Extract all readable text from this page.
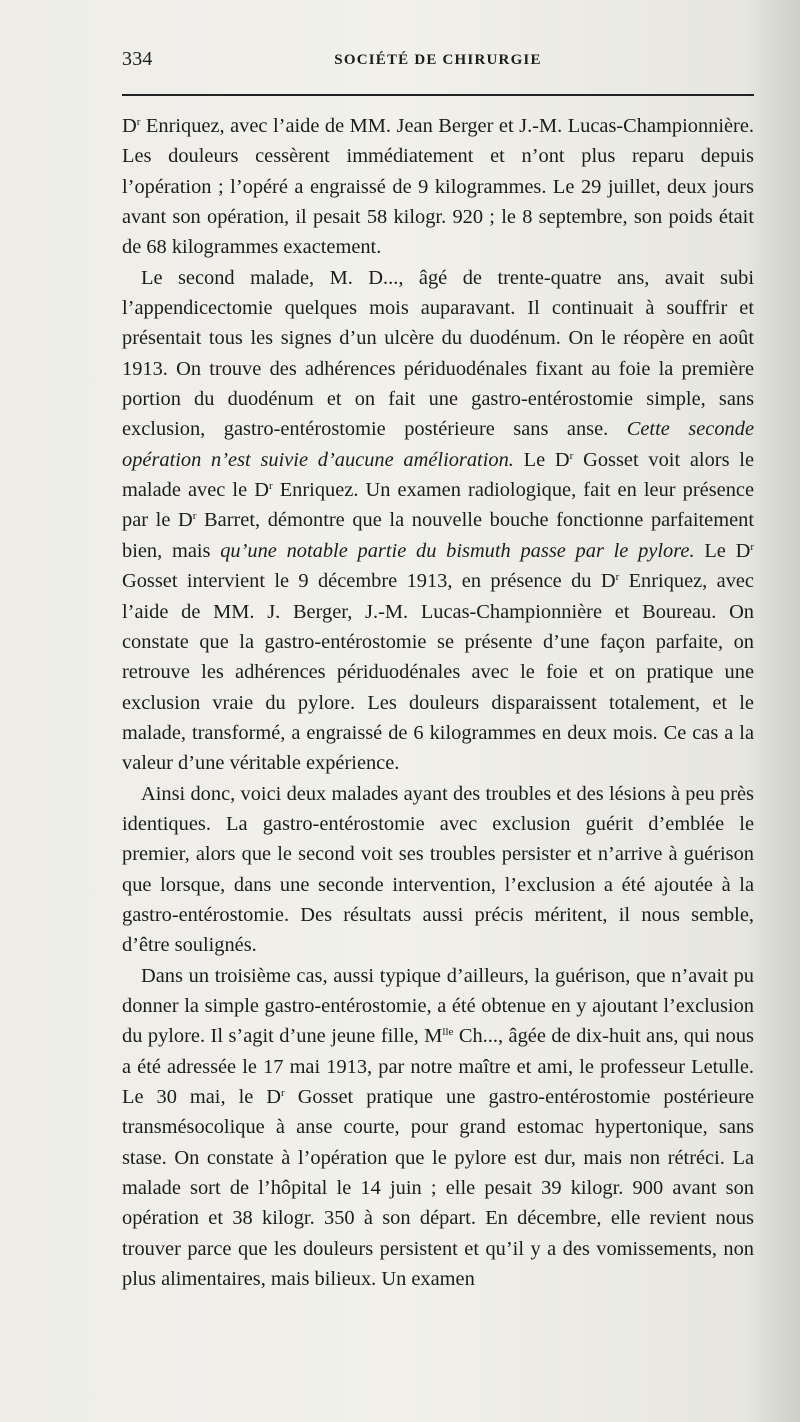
334	SOCIÉTÉ DE CHIRURGIE

$D^r$ Enriquez, avec l’aide de MM. Jean Berger et J.-M. Lucas-Championnière. Les douleurs cessèrent immédiatement et n’ont plus reparu depuis l’opération ; l’opéré a engraissé de 9 kilogrammes. Le 29 juillet, deux jours avant son opération, il pesait 58 kilogr. 920 ; le 8 septembre, son poids était de 68 kilogrammes exactement.

Le second malade, M. D..., âgé de trente-quatre ans, avait subi l’appendicectomie quelques mois auparavant. Il continuait à souffrir et présentait tous les signes d’un ulcère du duodénum. On le réopère en août 1913. On trouve des adhérences périduodénales fixant au foie la première portion du duodénum et on fait une gastro-entérostomie simple, sans exclusion, gastro-entérostomie postérieure sans anse. Cette seconde opération n’est suivie d’aucune amélioration. Le $D^r$ Gosset voit alors le malade avec le $D^r$ Enriquez. Un examen radiologique, fait en leur présence par le $D^r$ Barret, démontre que la nouvelle bouche fonctionne parfaitement bien, mais qu’une notable partie du bismuth passe par le pylore. Le $D^r$ Gosset intervient le 9 décembre 1913, en présence du $D^r$ Enriquez, avec l’aide de MM. J. Berger, J.-M. Lucas-Championnière et Boureau. On constate que la gastro-entérostomie se présente d’une façon parfaite, on retrouve les adhérences périduodénales avec le foie et on pratique une exclusion vraie du pylore. Les douleurs disparaissent totalement, et le malade, transformé, a engraissé de 6 kilogrammes en deux mois. Ce cas a la valeur d’une véritable expérience.

Ainsi donc, voici deux malades ayant des troubles et des lésions à peu près identiques. La gastro-entérostomie avec exclusion guérit d’emblée le premier, alors que le second voit ses troubles persister et n’arrive à guérison que lorsque, dans une seconde intervention, l’exclusion a été ajoutée à la gastro-entérostomie. Des résultats aussi précis méritent, il nous semble, d’être soulignés.

Dans un troisième cas, aussi typique d’ailleurs, la guérison, que n’avait pu donner la simple gastro-entérostomie, a été obtenue en y ajoutant l’exclusion du pylore. Il s’agit d’une jeune fille, $M^{lle}$ Ch..., âgée de dix-huit ans, qui nous a été adressée le 17 mai 1913, par notre maître et ami, le professeur Letulle. Le 30 mai, le $D^r$ Gosset pratique une gastro-entérostomie postérieure transmésocolique à anse courte, pour grand estomac hypertonique, sans stase. On constate à l’opération que le pylore est dur, mais non rétréci. La malade sort de l’hôpital le 14 juin ; elle pesait 39 kilogr. 900 avant son opération et 38 kilogr. 350 à son départ. En décembre, elle revient nous trouver parce que les douleurs persistent et qu’il y a des vomissements, non plus alimentaires, mais bilieux. Un examen
